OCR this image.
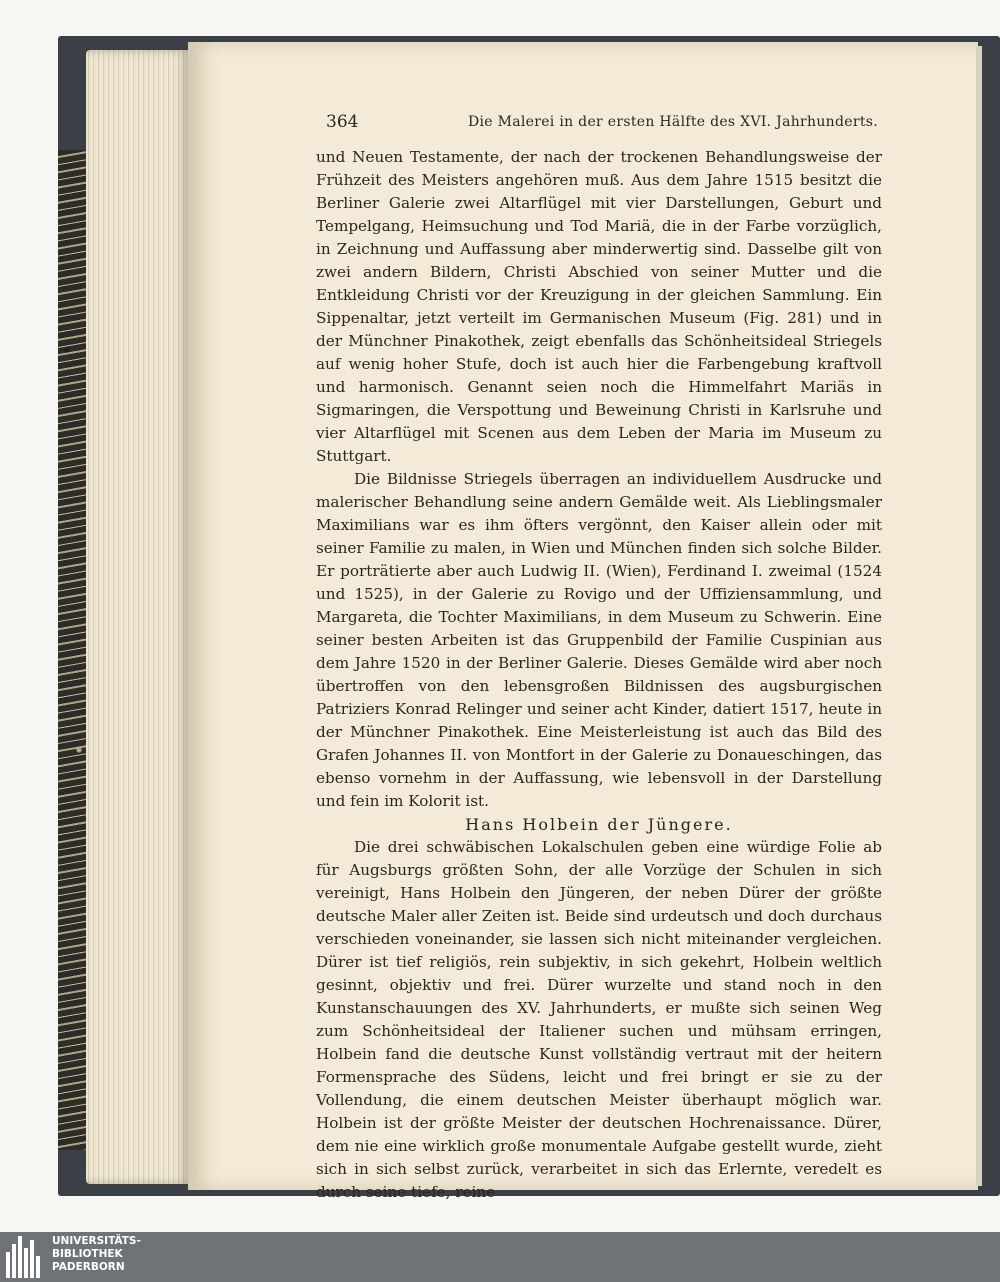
364	Die Malerei in der ersten Hälfte des XVI. Jahrhunderts.

und Neuen Testamente, der nach der trockenen Behandlungsweise der Frühzeit des Meisters angehören muß. Aus dem Jahre 1515 besitzt die Berliner Galerie zwei Altarflügel mit vier Darstellungen, Geburt und Tempelgang, Heimsuchung und Tod Mariä, die in der Farbe vorzüglich, in Zeichnung und Auffassung aber minderwertig sind. Dasselbe gilt von zwei andern Bildern, Christi Abschied von seiner Mutter und die Entkleidung Christi vor der Kreuzigung in der gleichen Sammlung. Ein Sippenaltar, jetzt verteilt im Germanischen Museum (Fig. 281) und in der Münchner Pinakothek, zeigt ebenfalls das Schönheitsideal Striegels auf wenig hoher Stufe, doch ist auch hier die Farbengebung kraftvoll und harmonisch. Genannt seien noch die Himmelfahrt Mariäs in Sigmaringen, die Verspottung und Beweinung Christi in Karlsruhe und vier Altarflügel mit Scenen aus dem Leben der Maria im Museum zu Stuttgart.

Die Bildnisse Striegels überragen an individuellem Ausdrucke und malerischer Behandlung seine andern Gemälde weit. Als Lieblingsmaler Maximilians war es ihm öfters vergönnt, den Kaiser allein oder mit seiner Familie zu malen, in Wien und München finden sich solche Bilder. Er porträtierte aber auch Ludwig II. (Wien), Ferdinand I. zweimal (1524 und 1525), in der Galerie zu Rovigo und der Uffiziensammlung, und Margareta, die Tochter Maximilians, in dem Museum zu Schwerin. Eine seiner besten Arbeiten ist das Gruppenbild der Familie Cuspinian aus dem Jahre 1520 in der Berliner Galerie. Dieses Gemälde wird aber noch übertroffen von den lebensgroßen Bildnissen des augsburgischen Patriziers Konrad Relinger und seiner acht Kinder, datiert 1517, heute in der Münchner Pinakothek. Eine Meisterleistung ist auch das Bild des Grafen Johannes II. von Montfort in der Galerie zu Donaueschingen, das ebenso vornehm in der Auffassung, wie lebensvoll in der Darstellung und fein im Kolorit ist.

Hans Holbein der Jüngere.

Die drei schwäbischen Lokalschulen geben eine würdige Folie ab für Augsburgs größten Sohn, der alle Vorzüge der Schulen in sich vereinigt, Hans Holbein den Jüngeren, der neben Dürer der größte deutsche Maler aller Zeiten ist. Beide sind urdeutsch und doch durchaus verschieden voneinander, sie lassen sich nicht miteinander vergleichen. Dürer ist tief religiös, rein subjektiv, in sich gekehrt, Holbein weltlich gesinnt, objektiv und frei. Dürer wurzelte und stand noch in den Kunstanschauungen des XV. Jahrhunderts, er mußte sich seinen Weg zum Schönheitsideal der Italiener suchen und mühsam erringen, Holbein fand die deutsche Kunst vollständig vertraut mit der heitern Formensprache des Südens, leicht und frei bringt er sie zu der Vollendung, die einem deutschen Meister überhaupt möglich war. Holbein ist der größte Meister der deutschen Hochrenaissance. Dürer, dem nie eine wirklich große monumentale Aufgabe gestellt wurde, zieht sich in sich selbst zurück, verarbeitet in sich das Erlernte, veredelt es durch seine tiefe, reine

UNIVERSITÄTS-
BIBLIOTHEK
PADERBORN
